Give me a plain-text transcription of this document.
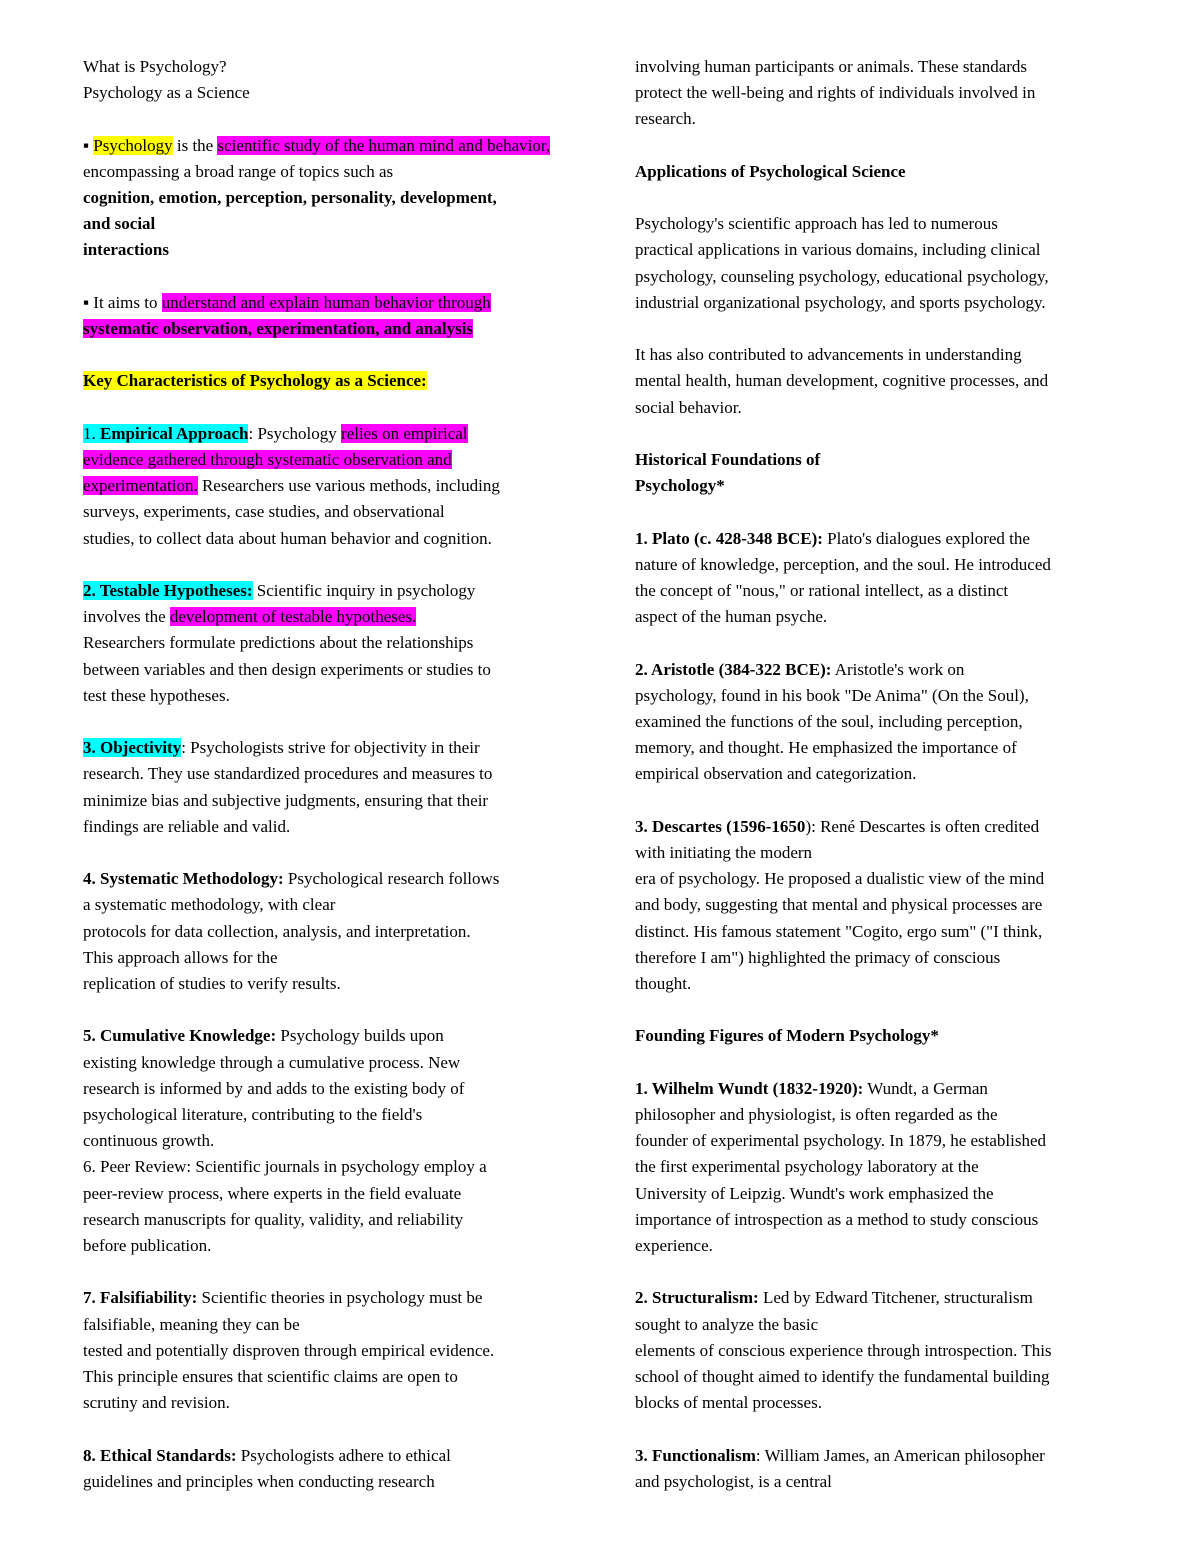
What is Psychology?

Psychology as a Science

▪ Psychology is the scientific study of the human mind and behavior, encompassing a broad range of topics such as

cognition, emotion, perception, personality, development,

and social

interactions

▪ It aims to understand and explain human behavior through

systematic observation, experimentation, and analysis

Key Characteristics of Psychology as a Science:

1. Empirical Approach: Psychology relies on empirical

evidence gathered through systematic observation and

experimentation. Researchers use various methods, including

surveys, experiments, case studies, and observational

studies, to collect data about human behavior and cognition.

2. Testable Hypotheses: Scientific inquiry in psychology

involves the development of testable hypotheses.

Researchers formulate predictions about the relationships

between variables and then design experiments or studies to

test these hypotheses.

3. Objectivity: Psychologists strive for objectivity in their

research. They use standardized procedures and measures to

minimize bias and subjective judgments, ensuring that their

findings are reliable and valid.

4. Systematic Methodology: Psychological research follows

a systematic methodology, with clear

protocols for data collection, analysis, and interpretation.

This approach allows for the

replication of studies to verify results.

5. Cumulative Knowledge: Psychology builds upon

existing knowledge through a cumulative process. New

research is informed by and adds to the existing body of

psychological literature, contributing to the field's

continuous growth.

6. Peer Review: Scientific journals in psychology employ a

peer-review process, where experts in the field evaluate

research manuscripts for quality, validity, and reliability

before publication.

7. Falsifiability: Scientific theories in psychology must be

falsifiable, meaning they can be

tested and potentially disproven through empirical evidence.

This principle ensures that scientific claims are open to

scrutiny and revision.

8. Ethical Standards: Psychologists adhere to ethical

guidelines and principles when conducting research

involving human participants or animals. These standards

protect the well-being and rights of individuals involved in

research.

Applications of Psychological Science

Psychology's scientific approach has led to numerous

practical applications in various domains, including clinical

psychology, counseling psychology, educational psychology,

industrial organizational psychology, and sports psychology.

It has also contributed to advancements in understanding

mental health, human development, cognitive processes, and

social behavior.

Historical Foundations of

Psychology*

1. Plato (c. 428-348 BCE): Plato's dialogues explored the

nature of knowledge, perception, and the soul. He introduced

the concept of "nous," or rational intellect, as a distinct

aspect of the human psyche.

2. Aristotle (384-322 BCE): Aristotle's work on

psychology, found in his book "De Anima" (On the Soul),

examined the functions of the soul, including perception,

memory, and thought. He emphasized the importance of

empirical observation and categorization.

3. Descartes (1596-1650): René Descartes is often credited

with initiating the modern

era of psychology. He proposed a dualistic view of the mind

and body, suggesting that mental and physical processes are

distinct. His famous statement "Cogito, ergo sum" ("I think,

therefore I am") highlighted the primacy of conscious

thought.

Founding Figures of Modern Psychology*

1. Wilhelm Wundt (1832-1920): Wundt, a German

philosopher and physiologist, is often regarded as the

founder of experimental psychology. In 1879, he established

the first experimental psychology laboratory at the

University of Leipzig. Wundt's work emphasized the

importance of introspection as a method to study conscious

experience.

2. Structuralism: Led by Edward Titchener, structuralism

sought to analyze the basic

elements of conscious experience through introspection. This

school of thought aimed to identify the fundamental building

blocks of mental processes.

3. Functionalism: William James, an American philosopher

and psychologist, is a central
